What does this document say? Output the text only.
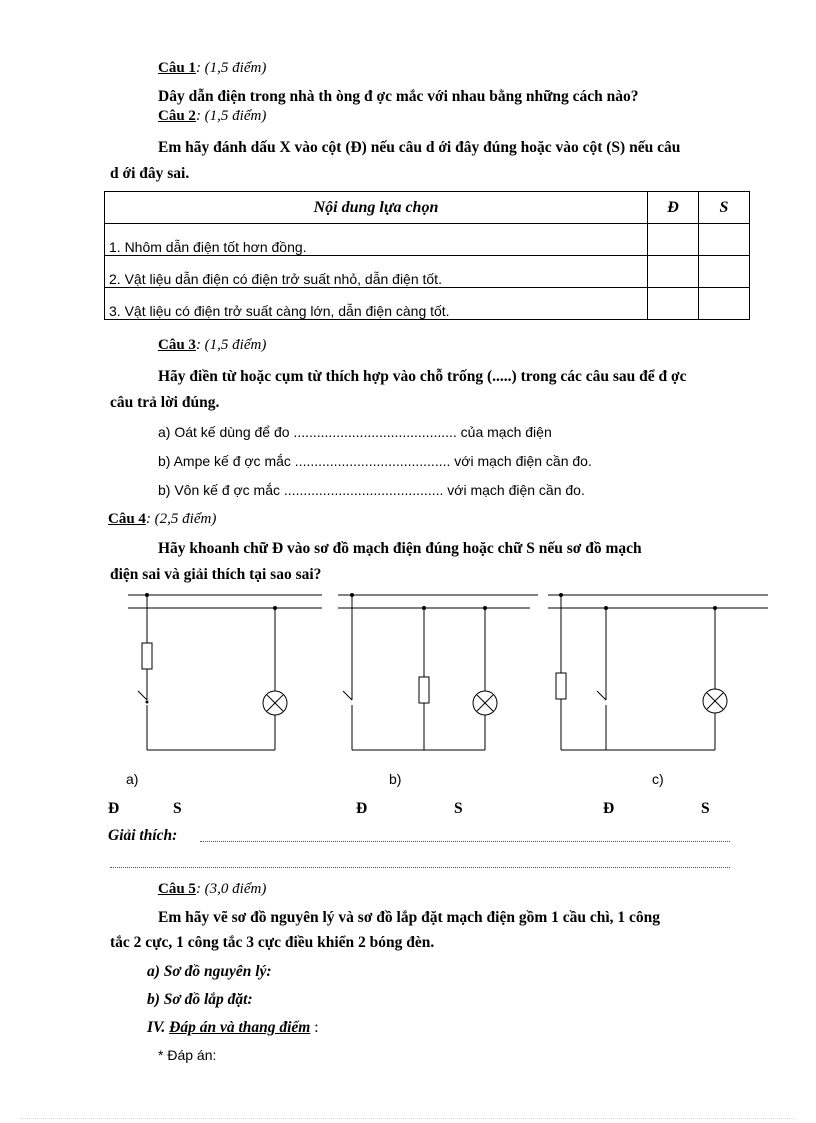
Câu 1: (1,5 điểm)
Dây dẫn điện trong nhà th òng đ ợc mắc với nhau bằng những cách nào?
Câu 2: (1,5 điểm)
Em hãy đánh dấu X vào cột (Đ) nếu câu d ới đây đúng hoặc vào cột (S) nếu câu
d ới đây sai.
Nội dung lựa chọn	Đ	S
1. Nhôm dẫn điện tốt hơn đồng.		
2. Vật liệu dẫn điện có điện trở suất nhỏ, dẫn điện tốt.		
3. Vật liệu có điện trở suất càng lớn, dẫn điện càng tốt.		
Câu 3: (1,5 điểm)
Hãy điền từ hoặc cụm từ thích hợp vào chỗ trống (.....) trong các câu sau để đ ợc
câu trả lời đúng.
a) Oát kế dùng để đo .......................................... của mạch điện
b) Ampe kế đ ợc mắc ........................................ với mạch điện cần đo.
b) Vôn kế đ ợc mắc ......................................... với mạch điện cần đo.
Câu 4: (2,5 điểm)
Hãy khoanh chữ Đ vào sơ đồ mạch điện đúng hoặc chữ S nếu sơ đồ mạch
điện sai và giải thích tại sao sai?
a)	b)	c)
Đ	S	Đ	S	Đ	S
Giải thích:
Câu 5: (3,0 điểm)
Em hãy vẽ sơ đồ nguyên lý và sơ đồ lắp đặt mạch điện gồm 1 cầu chì, 1 công
tắc 2 cực, 1 công tắc 3 cực điều khiển 2 bóng đèn.
a) Sơ đồ nguyên lý:
b) Sơ đồ lắp đặt:
IV. Đáp án và thang điểm :
* Đáp án:
